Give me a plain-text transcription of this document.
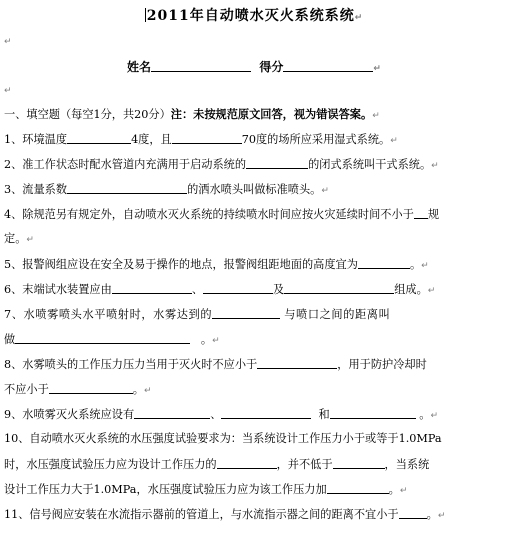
2011年自动喷水灭火系统系统↵
↵
姓名	得分	↵
↵
一、填空题（每空1分，共20分）注：未按规范原文回答，视为错误答案。↵
1、环境温度	4度，且	70度的场所应采用湿式系统。↵
2、准工作状态时配水管道内充满用于启动系统的	的闭式系统叫干式系统。↵
3、流量系数	的洒水喷头叫做标准喷头。↵
4、除规范另有规定外，自动喷水灭火系统的持续喷水时间应按火灾延续时间不小于 规
定。↵
5、报警阀组应设在安全及易于操作的地点，报警阀组距地面的高度宜为	。↵
6、末端试水装置应由	、	及	组成。↵
7、水喷雾喷头水平喷射时，水雾达到的	与喷口之间的距离叫
做	。↵
8、水雾喷头的工作压力压力当用于灭火时不应小于	，用于防护冷却时
不应小于	。↵
9、水喷雾灭火系统应设有	、	和	。↵
10、自动喷水灭火系统的水压强度试验要求为：当系统设计工作压力小于或等于1.0MPa
时，水压强度试验压力应为设计工作压力的	，并不低于	，当系统
设计工作压力大于1.0MPa，水压强度试验压力应为该工作压力加	。↵
11、信号阀应安装在水流指示器前的管道上，与水流指示器之间的距离不宜小于	。↵
